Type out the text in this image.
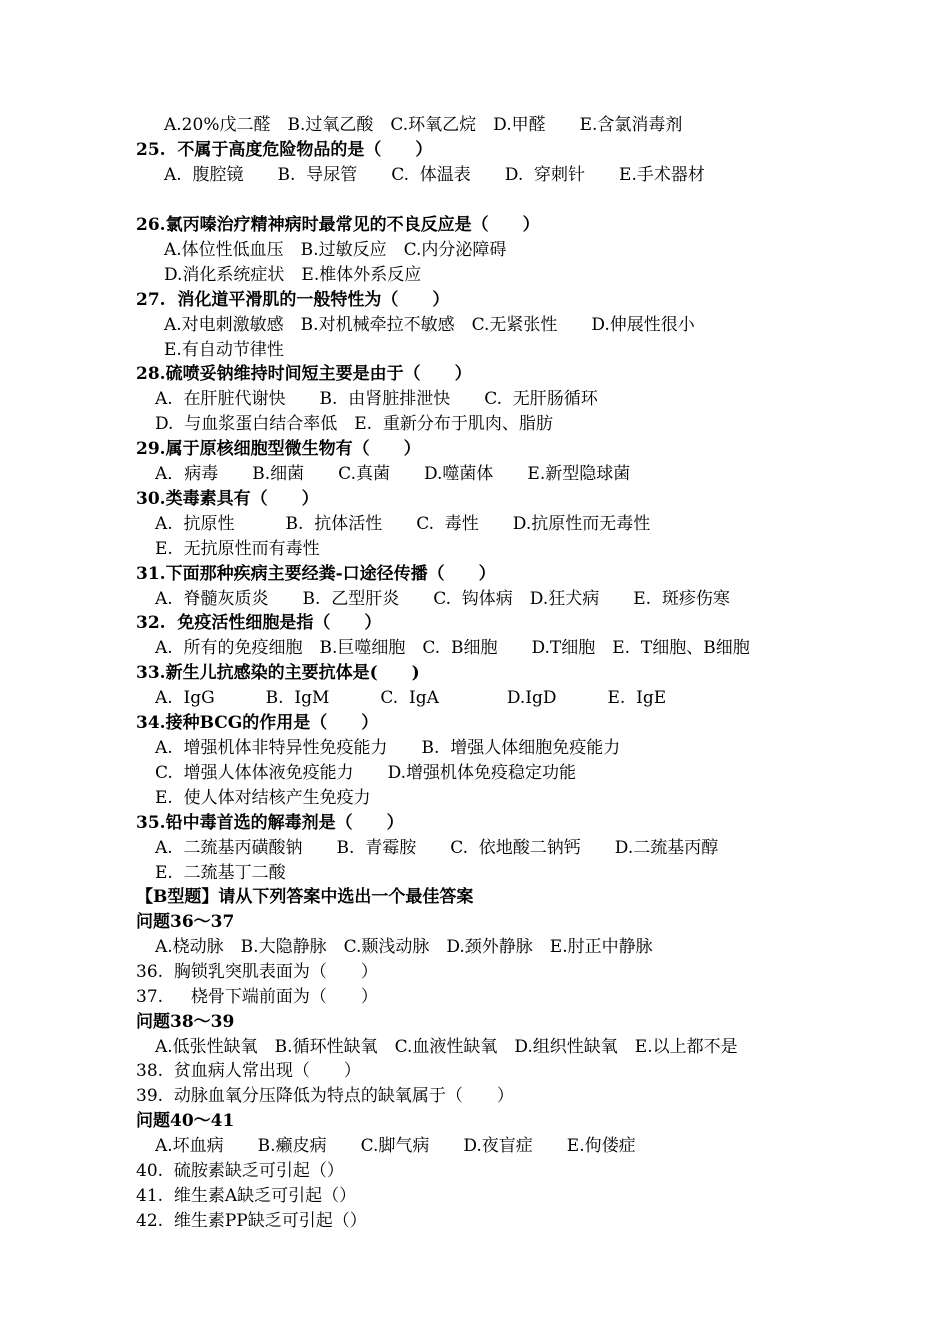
A.20%戊二醛　B.过氧乙酸　C.环氧乙烷　D.甲醛　　E.含氯消毒剂
25.  不属于高度危险物品的是（　　）
A.  腹腔镜　　B.  导尿管　　C.  体温表　　D.  穿刺针　　E.手术器材
26.氯丙嗪治疗精神病时最常见的不良反应是（　　）
A.体位性低血压　B.过敏反应　C.内分泌障碍
D.消化系统症状　E.椎体外系反应
27.  消化道平滑肌的一般特性为（　　）
A.对电刺激敏感　B.对机械牵拉不敏感　C.无紧张性　　D.伸展性很小
E.有自动节律性
28.硫喷妥钠维持时间短主要是由于（　　）
A.  在肝脏代谢快　　B.  由肾脏排泄快　　C.  无肝肠循环
D.  与血浆蛋白结合率低　E.  重新分布于肌肉、脂肪
29.属于原核细胞型微生物有（　　）
A．病毒　　B.细菌　　C.真菌　　D.噬菌体　　E.新型隐球菌
30.类毒素具有（　　）
A.  抗原性　　　B.  抗体活性　　C.  毒性　　D.抗原性而无毒性
E.  无抗原性而有毒性
31.下面那种疾病主要经粪-口途径传播（　　）
A.  脊髓灰质炎　　B.  乙型肝炎　　C.  钩体病　D.狂犬病　　E.  斑疹伤寒
32.  免疫活性细胞是指（　　）
A.  所有的免疫细胞　B.巨噬细胞　C.  B细胞　　D.T细胞　E.  T细胞、B细胞
33.新生儿抗感染的主要抗体是(　　)
A.  IgG　　　B.  IgM　　　C.  IgA　　　　D.IgD　　　E.  IgE
34.接种BCG的作用是（　　）
A.  增强机体非特异性免疫能力　　B.  增强人体细胞免疫能力
C.  增强人体体液免疫能力　　D.增强机体免疫稳定功能
E.  使人体对结核产生免疫力
35.铅中毒首选的解毒剂是（　　）
A.  二巯基丙磺酸钠　　B.  青霉胺　　C.  依地酸二钠钙　　D.二巯基丙醇
E.  二巯基丁二酸
【B型题】请从下列答案中选出一个最佳答案
问题36～37
A.桡动脉　B.大隐静脉　C.颞浅动脉　D.颈外静脉　E.肘正中静脉
36.  胸锁乳突肌表面为（　　）
37.  　桡骨下端前面为（　　）
问题38～39
A.低张性缺氧　B.循环性缺氧　C.血液性缺氧　D.组织性缺氧　E.以上都不是
38.  贫血病人常出现（　　）
39.  动脉血氧分压降低为特点的缺氧属于（　　）
问题40～41
A.坏血病　　B.癞皮病　　C.脚气病　　D.夜盲症　　E.佝偻症
40.  硫胺素缺乏可引起（）
41.  维生素A缺乏可引起（）
42.  维生素PP缺乏可引起（）
